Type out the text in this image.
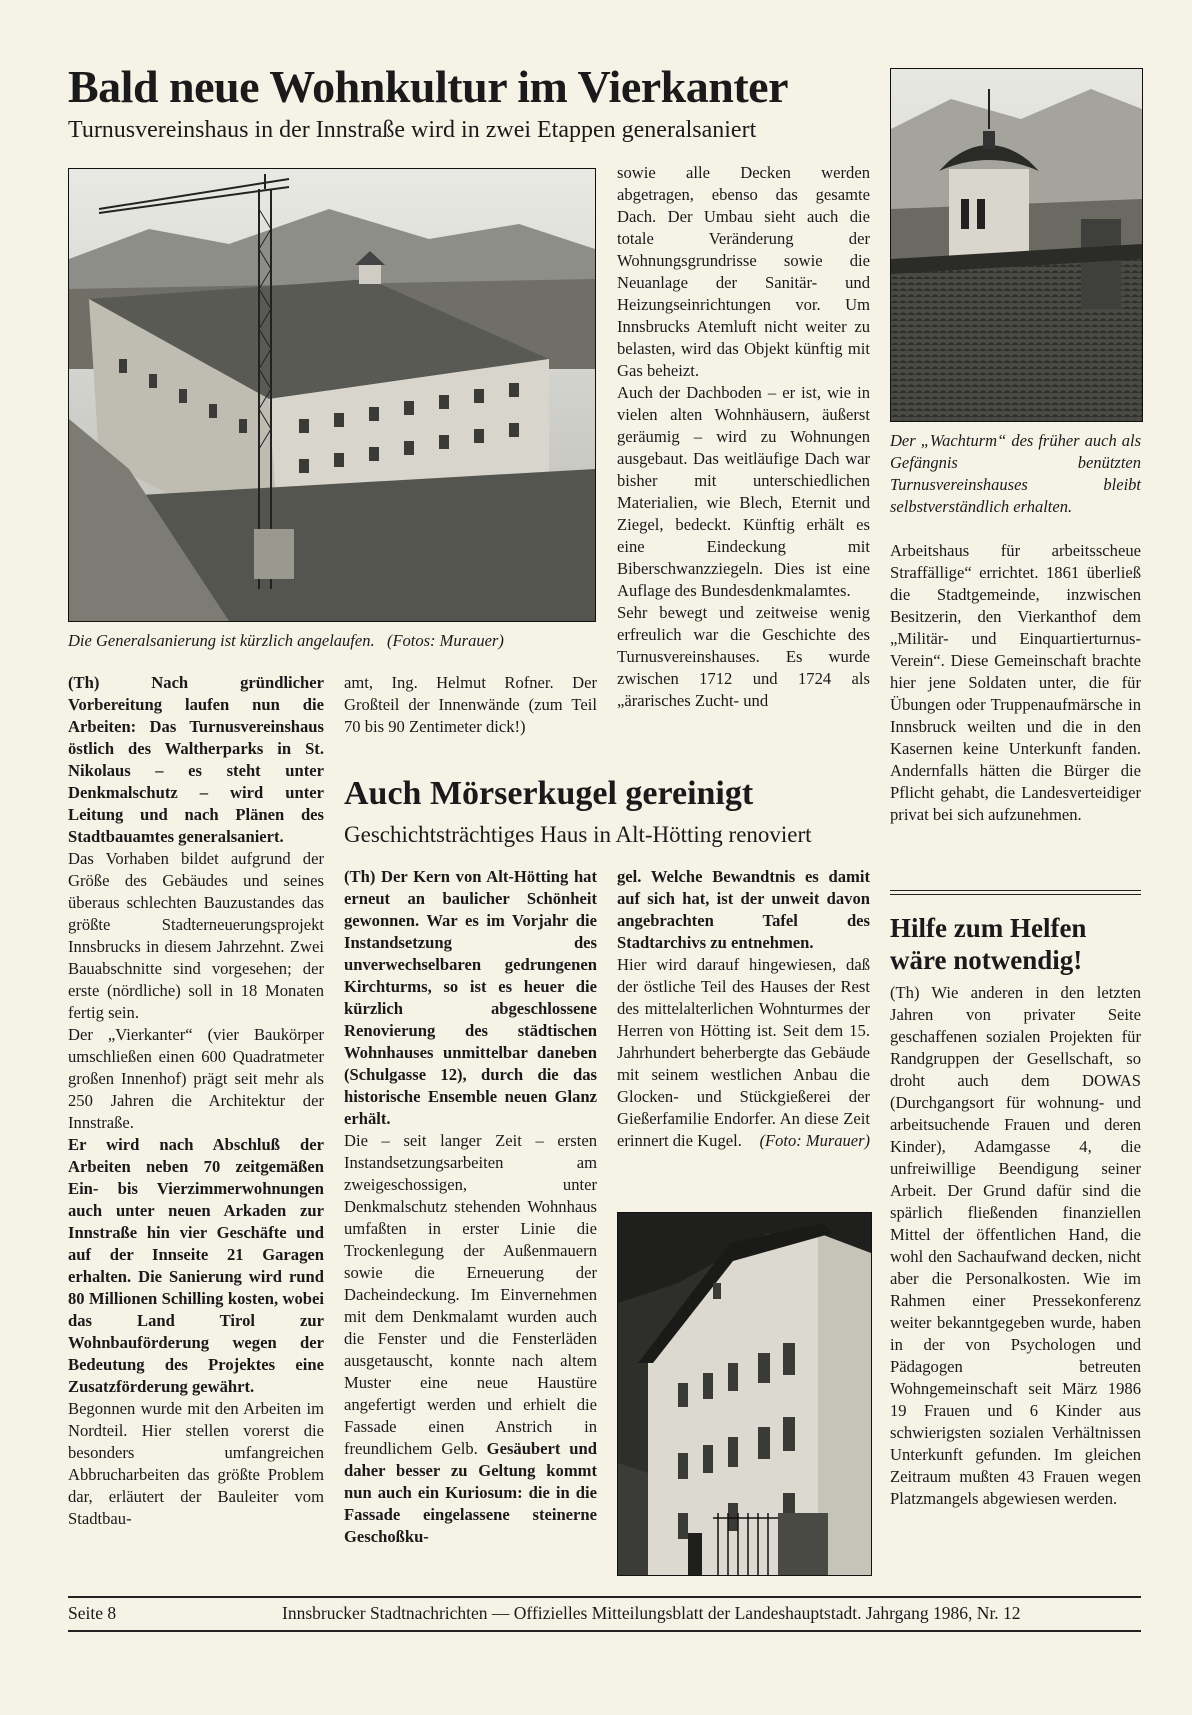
Bald neue Wohnkultur im Vierkanter
Turnusvereinshaus in der Innstraße wird in zwei Etappen generalsaniert
Die Generalsanierung ist kürzlich angelaufen. (Fotos: Murauer)

(Th) Nach gründlicher Vorbereitung laufen nun die Arbeiten: Das Turnusvereinshaus östlich des Waltherparks in St. Nikolaus – es steht unter Denkmalschutz – wird unter Leitung und nach Plänen des Stadtbauamtes generalsaniert.

Das Vorhaben bildet aufgrund der Größe des Gebäudes und seines überaus schlechten Bauzustandes das größte Stadterneuerungsprojekt Innsbrucks in diesem Jahrzehnt. Zwei Bauabschnitte sind vorgesehen; der erste (nördliche) soll in 18 Monaten fertig sein.

Der „Vierkanter“ (vier Baukörper umschließen einen 600 Quadratmeter großen Innenhof) prägt seit mehr als 250 Jahren die Architektur der Innstraße.

Er wird nach Abschluß der Arbeiten neben 70 zeitgemäßen Ein- bis Vierzimmerwohnungen auch unter neuen Arkaden zur Innstraße hin vier Geschäfte und auf der Innseite 21 Garagen erhalten. Die Sanierung wird rund 80 Millionen Schilling kosten, wobei das Land Tirol zur Wohnbauförderung wegen der Bedeutung des Projektes eine Zusatzförderung gewährt.

Begonnen wurde mit den Arbeiten im Nordteil. Hier stellen vorerst die besonders umfangreichen Abbrucharbeiten das größte Problem dar, erläutert der Bauleiter vom Stadtbau-

amt, Ing. Helmut Rofner. Der Großteil der Innenwände (zum Teil 70 bis 90 Zentimeter dick!)

sowie alle Decken werden abgetragen, ebenso das gesamte Dach. Der Umbau sieht auch die totale Veränderung der Wohnungsgrundrisse sowie die Neuanlage der Sanitär- und Heizungseinrichtungen vor. Um Innsbrucks Atemluft nicht weiter zu belasten, wird das Objekt künftig mit Gas beheizt.

Auch der Dachboden – er ist, wie in vielen alten Wohnhäusern, äußerst geräumig – wird zu Wohnungen ausgebaut. Das weitläufige Dach war bisher mit unterschiedlichen Materialien, wie Blech, Eternit und Ziegel, bedeckt. Künftig erhält es eine Eindeckung mit Biberschwanzziegeln. Dies ist eine Auflage des Bundesdenkmalamtes.

Sehr bewegt und zeitweise wenig erfreulich war die Geschichte des Turnusvereinshauses. Es wurde zwischen 1712 und 1724 als „ärarisches Zucht- und

Der „Wachturm“ des früher auch als Gefängnis benützten Turnusvereinshauses bleibt selbstverständlich erhalten.

Arbeitshaus für arbeitsscheue Straffällige“ errichtet. 1861 überließ die Stadtgemeinde, inzwischen Besitzerin, den Vierkanthof dem „Militär- und Einquartierturnus-Verein“. Diese Gemeinschaft brachte hier jene Soldaten unter, die für Übungen oder Truppenaufmärsche in Innsbruck weilten und die in den Kasernen keine Unterkunft fanden. Andernfalls hätten die Bürger die Pflicht gehabt, die Landesverteidiger privat bei sich aufzunehmen.

Auch Mörserkugel gereinigt
Geschichtsträchtiges Haus in Alt-Hötting renoviert

(Th) Der Kern von Alt-Hötting hat erneut an baulicher Schönheit gewonnen. War es im Vorjahr die Instandsetzung des unverwechselbaren gedrungenen Kirchturms, so ist es heuer die kürzlich abgeschlossene Renovierung des städtischen Wohnhauses unmittelbar daneben (Schulgasse 12), durch die das historische Ensemble neuen Glanz erhält.

Die – seit langer Zeit – ersten Instandsetzungsarbeiten am zweigeschossigen, unter Denkmalschutz stehenden Wohnhaus umfaßten in erster Linie die Trockenlegung der Außenmauern sowie die Erneuerung der Dacheindeckung. Im Einvernehmen mit dem Denkmalamt wurden auch die Fenster und die Fensterläden ausgetauscht, konnte nach altem Muster eine neue Haustüre angefertigt werden und erhielt die Fassade einen Anstrich in freundlichem Gelb. Gesäubert und daher besser zu Geltung kommt nun auch ein Kuriosum: die in die Fassade eingelassene steinerne Geschoßku-

gel. Welche Bewandtnis es damit auf sich hat, ist der unweit davon angebrachten Tafel des Stadtarchivs zu entnehmen.

Hier wird darauf hingewiesen, daß der östliche Teil des Hauses der Rest des mittelalterlichen Wohnturmes der Herren von Hötting ist. Seit dem 15. Jahrhundert beherbergte das Gebäude mit seinem westlichen Anbau die Glocken- und Stückgießerei der Gießerfamilie Endorfer. An diese Zeit erinnert die Kugel. (Foto: Murauer)
Hilfe zum Helfen wäre notwendig!

(Th) Wie anderen in den letzten Jahren von privater Seite geschaffenen sozialen Projekten für Randgruppen der Gesellschaft, so droht auch dem DOWAS (Durchgangsort für wohnung- und arbeitsuchende Frauen und deren Kinder), Adamgasse 4, die unfreiwillige Beendigung seiner Arbeit. Der Grund dafür sind die spärlich fließenden finanziellen Mittel der öffentlichen Hand, die wohl den Sachaufwand decken, nicht aber die Personalkosten. Wie im Rahmen einer Pressekonferenz weiter bekanntgegeben wurde, haben in der von Psychologen und Pädagogen betreuten Wohngemeinschaft seit März 1986 19 Frauen und 6 Kinder aus schwierigsten sozialen Verhältnissen Unterkunft gefunden. Im gleichen Zeitraum mußten 43 Frauen wegen Platzmangels abgewiesen werden.

Seite 8	Innsbrucker Stadtnachrichten — Offizielles Mitteilungsblatt der Landeshauptstadt. Jahrgang 1986, Nr. 12
